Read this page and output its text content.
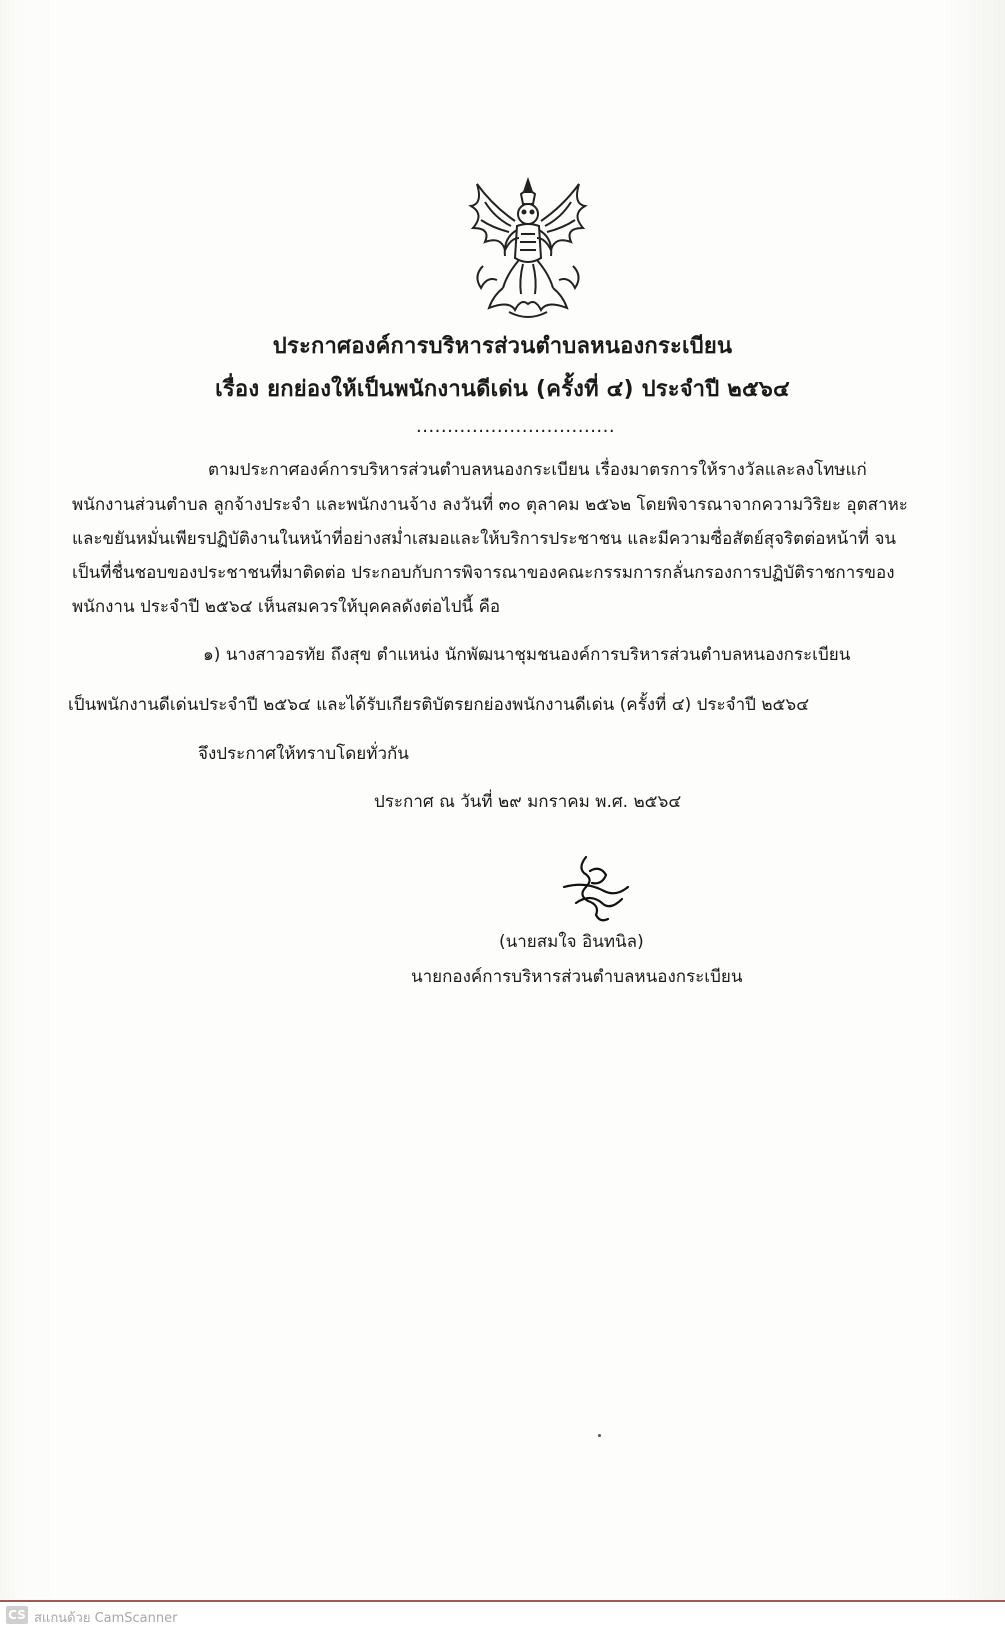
ประกาศองค์การบริหารส่วนตำบลหนองกระเบียน
เรื่อง ยกย่องให้เป็นพนักงานดีเด่น (ครั้งที่ ๔) ประจำปี ๒๕๖๔
................................
ตามประกาศองค์การบริหารส่วนตำบลหนองกระเบียน เรื่องมาตรการให้รางวัลและลงโทษแก่
พนักงานส่วนตำบล ลูกจ้างประจำ และพนักงานจ้าง ลงวันที่ ๓๐ ตุลาคม ๒๕๖๒ โดยพิจารณาจากความวิริยะ อุตสาหะ
และขยันหมั่นเพียรปฏิบัติงานในหน้าที่อย่างสม่ำเสมอและให้บริการประชาชน และมีความซื่อสัตย์สุจริตต่อหน้าที่ จน
เป็นที่ชื่นชอบของประชาชนที่มาติดต่อ ประกอบกับการพิจารณาของคณะกรรมการกลั่นกรองการปฏิบัติราชการของ
พนักงาน ประจำปี ๒๕๖๔ เห็นสมควรให้บุคคลดังต่อไปนี้ คือ
๑) นางสาวอรทัย ถึงสุข ตำแหน่ง นักพัฒนาชุมชนองค์การบริหารส่วนตำบลหนองกระเบียน
เป็นพนักงานดีเด่นประจำปี ๒๕๖๔ และได้รับเกียรติบัตรยกย่องพนักงานดีเด่น (ครั้งที่ ๔) ประจำปี ๒๕๖๔
จึงประกาศให้ทราบโดยทั่วกัน
ประกาศ ณ วันที่ ๒๙ มกราคม พ.ศ. ๒๕๖๔
(นายสมใจ อินทนิล)
นายกองค์การบริหารส่วนตำบลหนองกระเบียน
CS สแกนด้วย CamScanner
